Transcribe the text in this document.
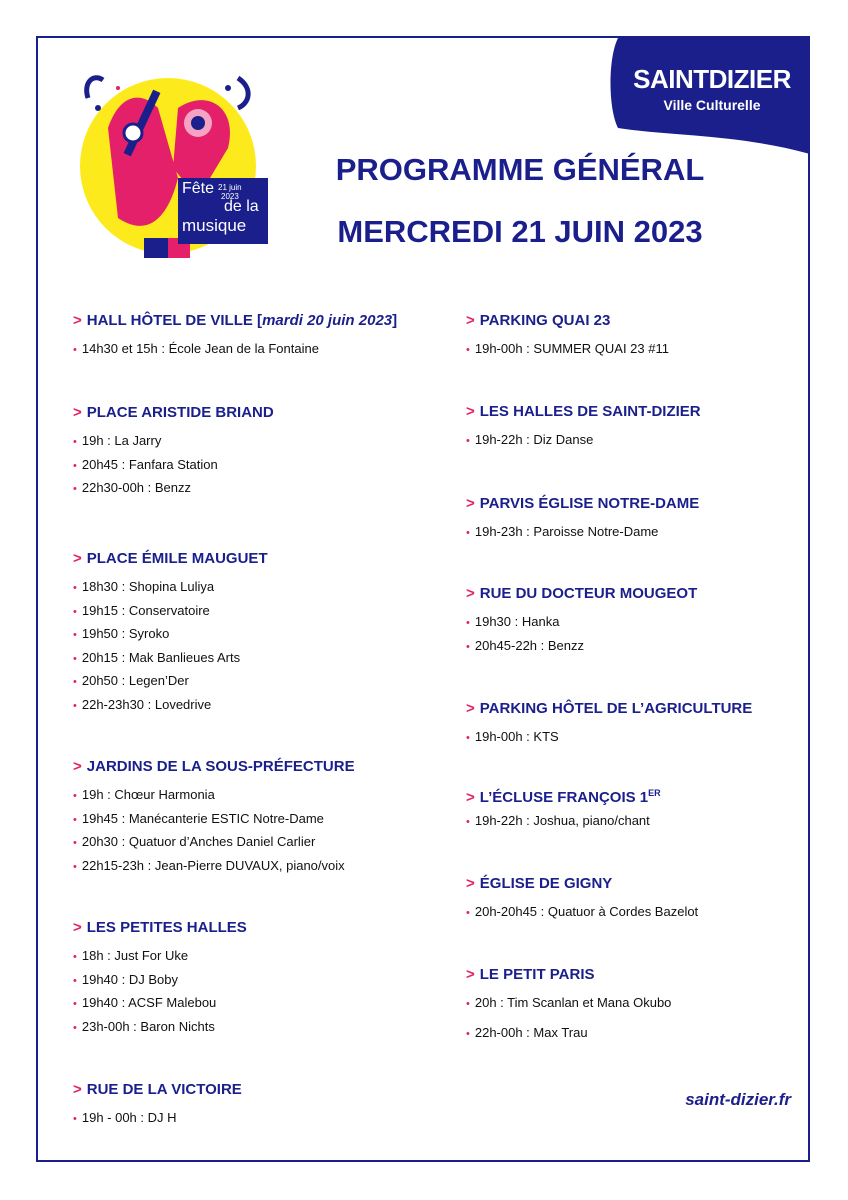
SAINTDIZIER
Ville Culturelle
Fête 21 juin
2023
de la
musique
PROGRAMME GÉNÉRAL
MERCREDI 21 JUIN 2023
> HALL HÔTEL DE VILLE [mardi 20 juin 2023]
• 14h30 et 15h : École Jean de la Fontaine
> PLACE ARISTIDE BRIAND
• 19h : La Jarry
• 20h45 : Fanfara Station
• 22h30-00h : Benzz
> PLACE ÉMILE MAUGUET
• 18h30 : Shopina Luliya
• 19h15 : Conservatoire
• 19h50 : Syroko
• 20h15 : Mak Banlieues Arts
• 20h50 : Legen’Der
• 22h-23h30 : Lovedrive
> JARDINS DE LA SOUS-PRÉFECTURE
• 19h : Chœur Harmonia
• 19h45 : Manécanterie ESTIC Notre-Dame
• 20h30 : Quatuor d’Anches Daniel Carlier
• 22h15-23h : Jean-Pierre DUVAUX, piano/voix
> LES PETITES HALLES
• 18h : Just For Uke
• 19h40 : DJ Boby
• 19h40 : ACSF Malebou
• 23h-00h : Baron Nichts
> RUE DE LA VICTOIRE
• 19h - 00h : DJ H
> PARKING QUAI 23
• 19h-00h : SUMMER QUAI 23 #11
> LES HALLES DE SAINT-DIZIER
• 19h-22h : Diz Danse
> PARVIS ÉGLISE NOTRE-DAME
• 19h-23h : Paroisse Notre-Dame
> RUE DU DOCTEUR MOUGEOT
• 19h30 : Hanka
• 20h45-22h : Benzz
> PARKING HÔTEL DE L’AGRICULTURE
• 19h-00h : KTS
> L’ÉCLUSE FRANÇOIS 1ER
• 19h-22h : Joshua, piano/chant
> ÉGLISE DE GIGNY
• 20h-20h45 : Quatuor à Cordes Bazelot
> LE PETIT PARIS
• 20h : Tim Scanlan et Mana Okubo
• 22h-00h : Max Trau
saint-dizier.fr
